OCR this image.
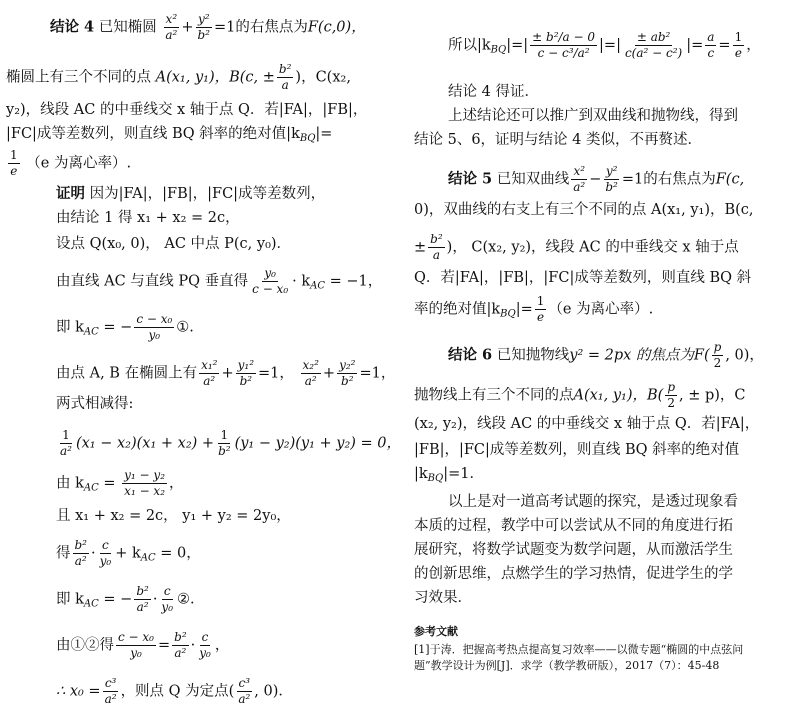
结论 4 已知椭圆 $\frac{\text{x²}}{\text{a²}} + \frac{\text{y²}}{\text{b²}} =1$的右焦点为F(c,0)，
椭圆上有三个不同的点 A(x₁, y₁)，B(c, ± $\frac{\text{b²}}{a}$ )，C(x₂,
y₂)，线段 AC 的中垂线交 x 轴于点 Q．若|FA|，|FB|，
|FC|成等差数列，则直线 BQ 斜率的绝对值$|k_{BQ}|=$
$\frac{1}{e} (e$ 为离心率）.
证明 因为|FA|，|FB|，|FC|成等差数列，
由结论 1 得 x₁ + x₂ = 2c，
设点 Q(x₀, 0)， AC 中点 P(c, y₀)．
由直线 AC 与直线 PQ 垂直得 $\frac{\text{y₀}}{\text{c − x₀}} \cdot k_{AC} = -1$，
即 $k_{AC}$ = − $\frac{\text{c − x₀}}{\text{y₀}}$ ①.
由点 A, B 在椭圆上有 $\frac{\text{x₁²}}{\text{a²}} + \frac{\text{y₁²}}{\text{b²}} =1$， $\frac{\text{x₂²}}{\text{a²}} + \frac{\text{y₂²}}{\text{b²}} =1$，
两式相减得:
$\frac{1}{\text{a²}} (x_1 - x_2)(x_1 + x_2) + \frac{1}{\text{b²}} (y_1 - y_2)(y_1 + y_2) = 0$，
由 $k_{AC} = \frac{\text{y₁ − y₂}}{\text{x₁ − x₂}}$ ，
且 x₁ + x₂ = 2c， y₁ + y₂ = 2y₀，
得 $\frac{\text{b²}}{\text{a²}} \cdot \frac{c}{\text{y₀}} + k_{AC} = 0$，
即 $k_{AC}$ = − $\frac{\text{b²}}{\text{a²}} \cdot \frac{c}{\text{y₀}}$ ②.
由①②得 $\frac{\text{c − x₀}}{\text{y₀}} = \frac{\text{b²}}{\text{a²}} \cdot \frac{c}{\text{y₀}}$ ，
∴ $x_0 = \frac{\text{c³}}{\text{a²}}$ ，则点 Q 为定点( $\frac{\text{c³}}{\text{a²}}$ , 0)．
所以$|k_{BQ}|=| \frac{\text{± b²/a − 0}}{\text{c − c³/a²}}$ |=| $\frac{\text{± ab²}}{\text{c(a² − c²)}}$ |= $\frac{a}{c} = \frac{1}{e}$ ，
结论 4 得证．
上述结论还可以推广到双曲线和抛物线，得到
结论 5、6，证明与结论 4 类似，不再赘述．
结论 5 已知双曲线 $\frac{\text{x²}}{\text{a²}} - \frac{\text{y²}}{\text{b²}} =1$的右焦点为F(c,
0)，双曲线的右支上有三个不同的点 A(x₁, y₁)，B(c,
± $\frac{\text{b²}}{a}$ )， C(x₂, y₂)，线段 AC 的中垂线交 x 轴于点
Q．若|FA|，|FB|，|FC|成等差数列，则直线 BQ 斜
率的绝对值$|k_{BQ}|= \frac{1}{e} (e$ 为离心率）.
结论 6 已知抛物线y² = 2px 的焦点为$F( \frac{p}{2}$ , 0)，
抛物线上有三个不同的点A(x₁, y₁)，$B( \frac{p}{2}$ , ± p)，C
(x₂, y₂)，线段 AC 的中垂线交 x 轴于点 Q．若|FA|，
|FB|，|FC|成等差数列，则直线 BQ 斜率的绝对值
$|k_{BQ}|=1$．
以上是对一道高考试题的探究，是透过现象看
本质的过程，教学中可以尝试从不同的角度进行拓
展研究，将数学试题变为数学问题，从而激活学生
的创新思维，点燃学生的学习热情，促进学生的学
习效果．
参考文献
[1]于涛．把握高考热点提高复习效率——以微专题“椭圆的中点弦问
题”教学设计为例[J]．求学（教学教研版），2017（7）：45-48
